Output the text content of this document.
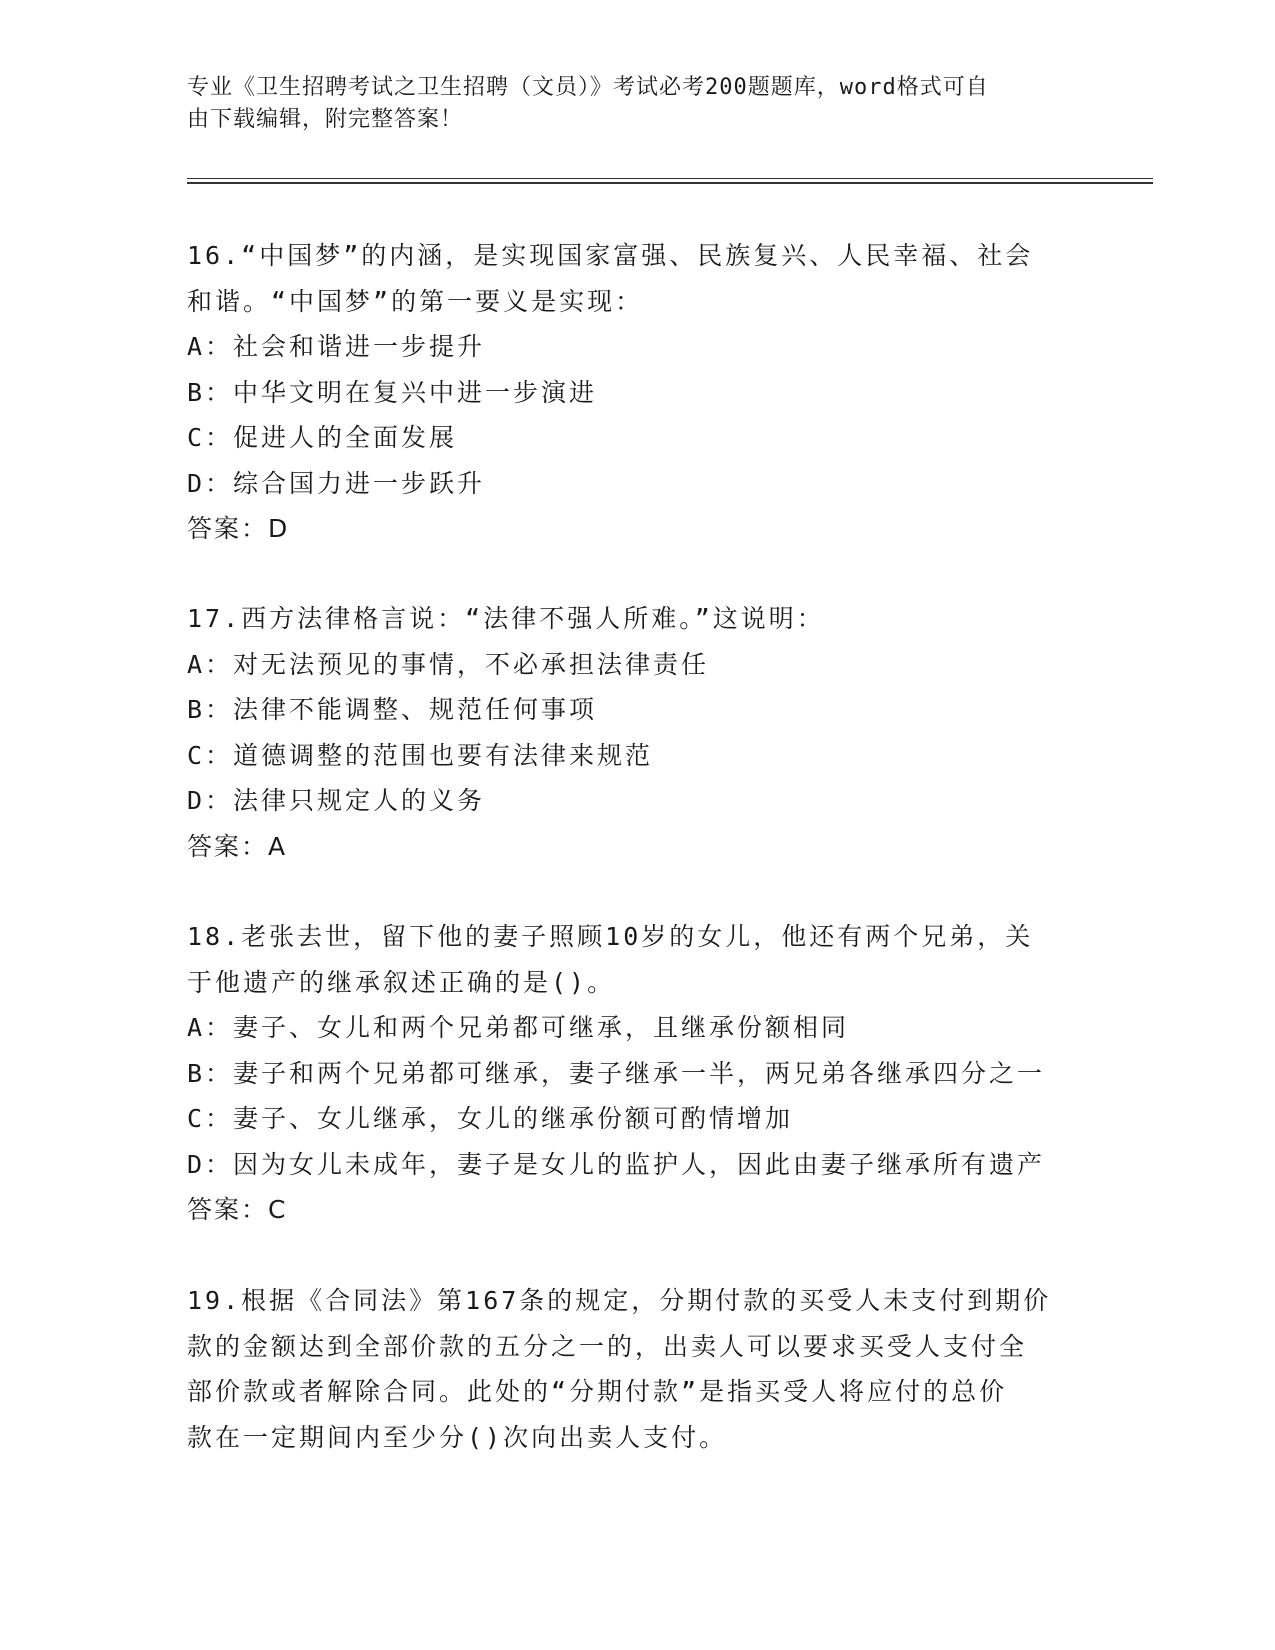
专业《卫生招聘考试之卫生招聘（文员）》考试必考200题题库，word格式可自
由下载编辑，附完整答案！
16.“中国梦”的内涵，是实现国家富强、民族复兴、人民幸福、社会
和谐。“中国梦”的第一要义是实现：
A：社会和谐进一步提升
B：中华文明在复兴中进一步演进
C：促进人的全面发展
D：综合国力进一步跃升
答案：D
17.西方法律格言说：“法律不强人所难。”这说明：
A：对无法预见的事情，不必承担法律责任
B：法律不能调整、规范任何事项
C：道德调整的范围也要有法律来规范
D：法律只规定人的义务
答案：A
18.老张去世，留下他的妻子照顾10岁的女儿，他还有两个兄弟，关
于他遗产的继承叙述正确的是()。
A：妻子、女儿和两个兄弟都可继承，且继承份额相同
B：妻子和两个兄弟都可继承，妻子继承一半，两兄弟各继承四分之一
C：妻子、女儿继承，女儿的继承份额可酌情增加
D：因为女儿未成年，妻子是女儿的监护人，因此由妻子继承所有遗产
答案：C
19.根据《合同法》第167条的规定，分期付款的买受人未支付到期价
款的金额达到全部价款的五分之一的，出卖人可以要求买受人支付全
部价款或者解除合同。此处的“分期付款”是指买受人将应付的总价
款在一定期间内至少分()次向出卖人支付。
